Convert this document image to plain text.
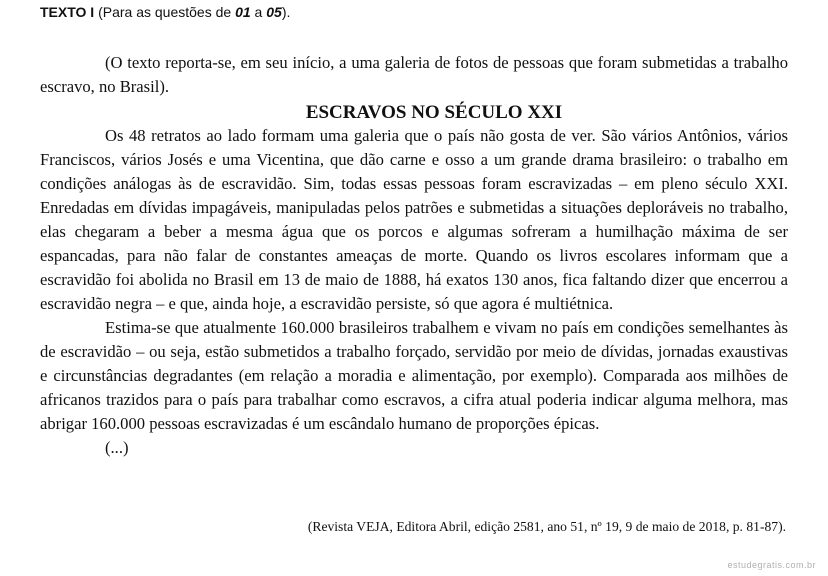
TEXTO I (Para as questões de 01 a 05).

(O texto reporta-se, em seu início, a uma galeria de fotos de pessoas que foram submetidas a trabalho escravo, no Brasil).

ESCRAVOS NO SÉCULO XXI

Os 48 retratos ao lado formam uma galeria que o país não gosta de ver. São vários Antônios, vários Franciscos, vários Josés e uma Vicentina, que dão carne e osso a um grande drama brasileiro: o trabalho em condições análogas às de escravidão. Sim, todas essas pessoas foram escravizadas – em pleno século XXI. Enredadas em dívidas impagáveis, manipuladas pelos patrões e submetidas a situações deploráveis no trabalho, elas chegaram a beber a mesma água que os porcos e algumas sofreram a humilhação máxima de ser espancadas, para não falar de constantes ameaças de morte. Quando os livros escolares informam que a escravidão foi abolida no Brasil em 13 de maio de 1888, há exatos 130 anos, fica faltando dizer que encerrou a escravidão negra – e que, ainda hoje, a escravidão persiste, só que agora é multiétnica.

Estima-se que atualmente 160.000 brasileiros trabalhem e vivam no país em condições semelhantes às de escravidão – ou seja, estão submetidos a trabalho forçado, servidão por meio de dívidas, jornadas exaustivas e circunstâncias degradantes (em relação a moradia e alimentação, por exemplo). Comparada aos milhões de africanos trazidos para o país para trabalhar como escravos, a cifra atual poderia indicar alguma melhora, mas abrigar 160.000 pessoas escravizadas é um escândalo humano de proporções épicas.

(...)

(Revista VEJA, Editora Abril, edição 2581, ano 51, nº 19, 9 de maio de 2018, p. 81-87).
estudegratis.com.br
